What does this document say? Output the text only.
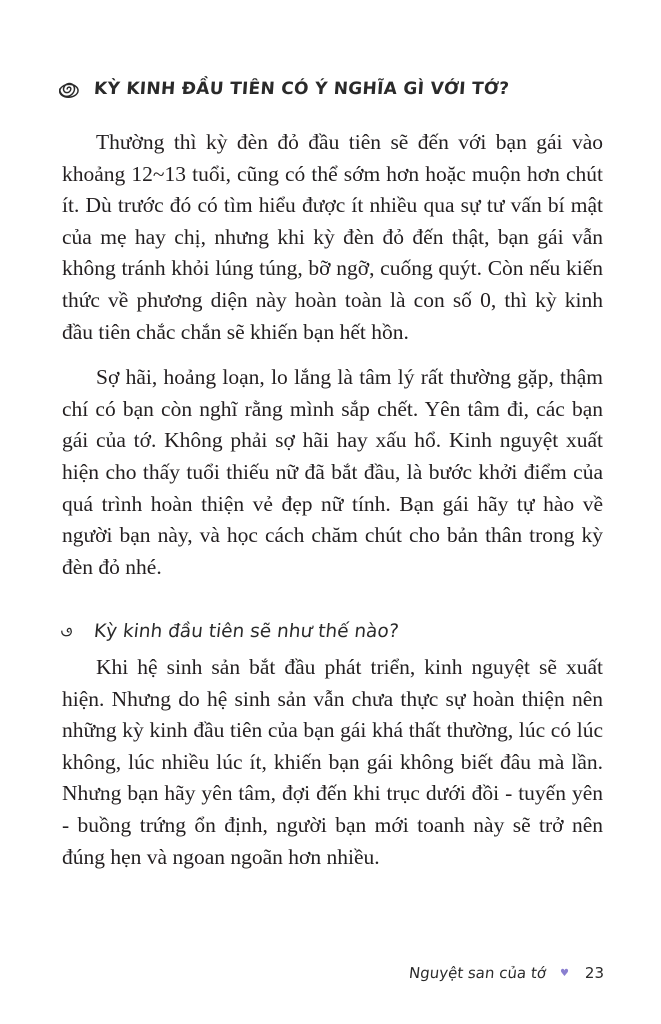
KỲ KINH ĐẦU TIÊN CÓ Ý NGHĨA GÌ VỚI TỚ?

Thường thì kỳ đèn đỏ đầu tiên sẽ đến với bạn gái vào khoảng 12~13 tuổi, cũng có thể sớm hơn hoặc muộn hơn chút ít. Dù trước đó có tìm hiểu được ít nhiều qua sự tư vấn bí mật của mẹ hay chị, nhưng khi kỳ đèn đỏ đến thật, bạn gái vẫn không tránh khỏi lúng túng, bỡ ngỡ, cuống quýt. Còn nếu kiến thức về phương diện này hoàn toàn là con số 0, thì kỳ kinh đầu tiên chắc chắn sẽ khiến bạn hết hồn.

Sợ hãi, hoảng loạn, lo lắng là tâm lý rất thường gặp, thậm chí có bạn còn nghĩ rằng mình sắp chết. Yên tâm đi, các bạn gái của tớ. Không phải sợ hãi hay xấu hổ. Kinh nguyệt xuất hiện cho thấy tuổi thiếu nữ đã bắt đầu, là bước khởi điểm của quá trình hoàn thiện vẻ đẹp nữ tính. Bạn gái hãy tự hào về người bạn này, và học cách chăm chút cho bản thân trong kỳ đèn đỏ nhé.

Kỳ kinh đầu tiên sẽ như thế nào?

Khi hệ sinh sản bắt đầu phát triển, kinh nguyệt sẽ xuất hiện. Nhưng do hệ sinh sản vẫn chưa thực sự hoàn thiện nên những kỳ kinh đầu tiên của bạn gái khá thất thường, lúc có lúc không, lúc nhiều lúc ít, khiến bạn gái không biết đâu mà lần. Nhưng bạn hãy yên tâm, đợi đến khi trục dưới đồi - tuyến yên - buồng trứng ổn định, người bạn mới toanh này sẽ trở nên đúng hẹn và ngoan ngoãn hơn nhiều.

Nguyệt san của tớ ♥ 23
